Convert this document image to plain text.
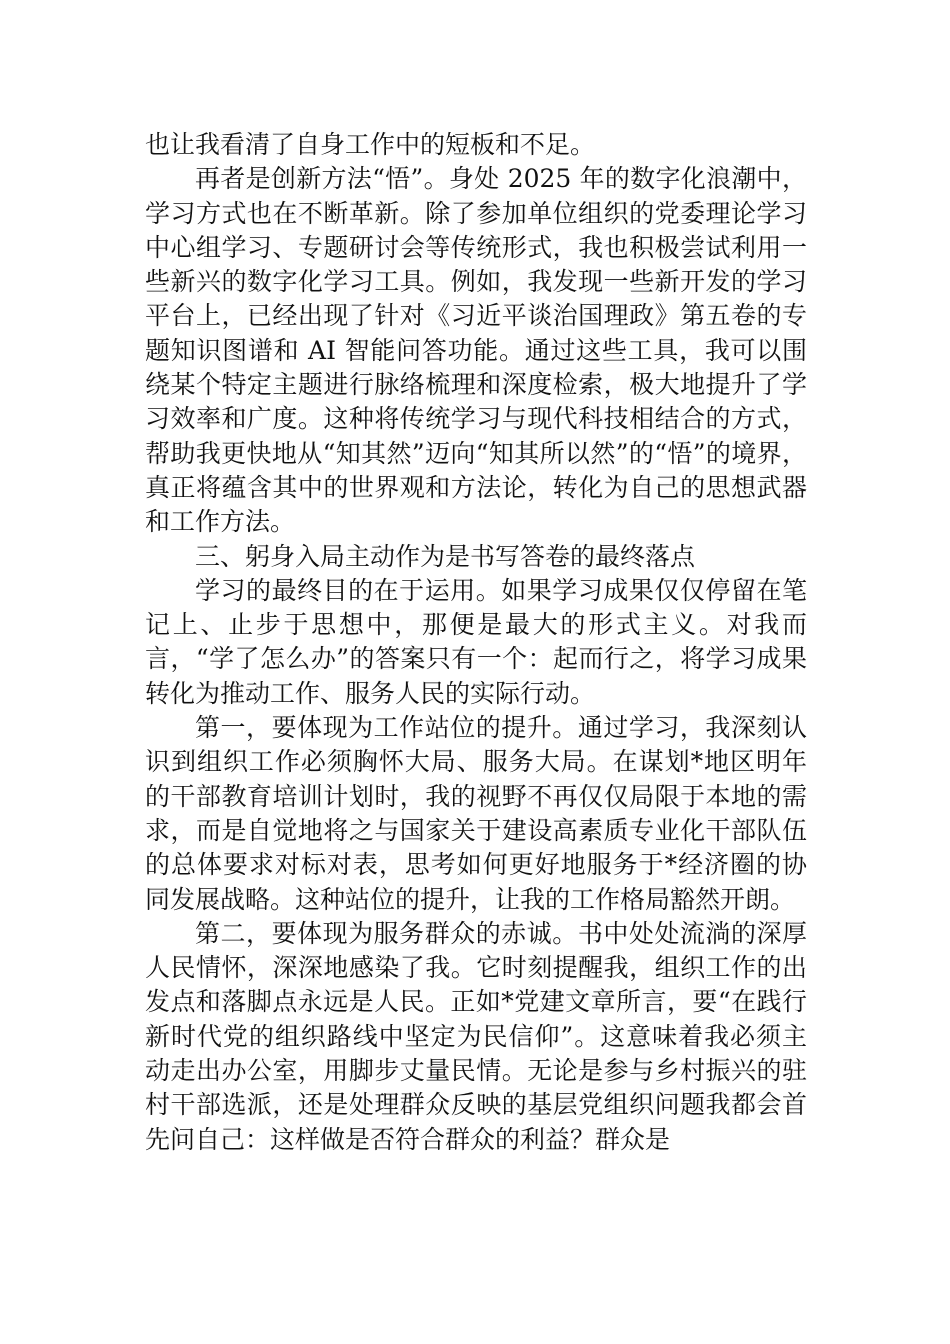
也让我看清了自身工作中的短板和不足。

再者是创新方法“悟”。身处 2025 年的数字化浪潮中，学习方式也在不断革新。除了参加单位组织的党委理论学习中心组学习、专题研讨会等传统形式，我也积极尝试利用一些新兴的数字化学习工具。例如，我发现一些新开发的学习平台上，已经出现了针对《习近平谈治国理政》第五卷的专题知识图谱和 AI 智能问答功能。通过这些工具，我可以围绕某个特定主题进行脉络梳理和深度检索，极大地提升了学习效率和广度。这种将传统学习与现代科技相结合的方式，帮助我更快地从“知其然”迈向“知其所以然”的“悟”的境界，真正将蕴含其中的世界观和方法论，转化为自己的思想武器和工作方法。

三、躬身入局主动作为是书写答卷的最终落点

学习的最终目的在于运用。如果学习成果仅仅停留在笔记上、止步于思想中，那便是最大的形式主义。对我而言，“学了怎么办”的答案只有一个：起而行之，将学习成果转化为推动工作、服务人民的实际行动。

第一，要体现为工作站位的提升。通过学习，我深刻认识到组织工作必须胸怀大局、服务大局。在谋划*地区明年的干部教育培训计划时，我的视野不再仅仅局限于本地的需求，而是自觉地将之与国家关于建设高素质专业化干部队伍的总体要求对标对表，思考如何更好地服务于*经济圈的协同发展战略。这种站位的提升，让我的工作格局豁然开朗。

第二，要体现为服务群众的赤诚。书中处处流淌的深厚人民情怀，深深地感染了我。它时刻提醒我，组织工作的出发点和落脚点永远是人民。正如*党建文章所言，要“在践行新时代党的组织路线中坚定为民信仰”。这意味着我必须主动走出办公室，用脚步丈量民情。无论是参与乡村振兴的驻村干部选派，还是处理群众反映的基层党组织问题我都会首先问自己：这样做是否符合群众的利益？群众是
